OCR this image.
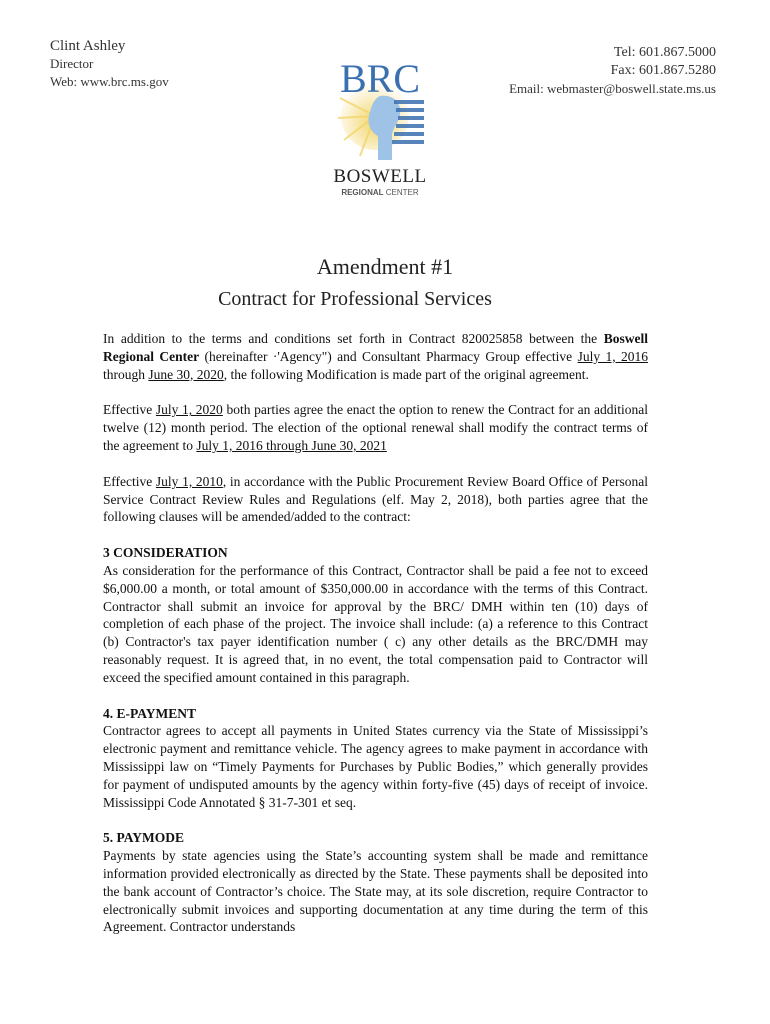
Clint Ashley
Director
Web: www.brc.ms.gov
Tel: 601.867.5000
Fax: 601.867.5280
Email: webmaster@boswell.state.ms.us
BRC
BOSWELL
REGIONAL CENTER
Amendment #1
Contract for Professional Services

In addition to the terms and conditions set forth in Contract 820025858 between the Boswell Regional Center (hereinafter ·'Agency") and Consultant Pharmacy Group effective July 1, 2016 through June 30, 2020, the following Modification is made part of the original agreement.

Effective July 1, 2020 both parties agree the enact the option to renew the Contract for an additional twelve (12) month period. The election of the optional renewal shall modify the contract terms of the agreement to July 1, 2016 through June 30, 2021

Effective July 1, 2010, in accordance with the Public Procurement Review Board Office of Personal Service Contract Review Rules and Regulations (elf. May 2, 2018), both parties agree that the following clauses will be amended/added to the contract:

3 CONSIDERATION

As consideration for the performance of this Contract, Contractor shall be paid a fee not to exceed $6,000.00 a month, or total amount of $350,000.00 in accordance with the terms of this Contract. Contractor shall submit an invoice for approval by the BRC/ DMH within ten (10) days of completion of each phase of the project. The invoice shall include: (a) a reference to this Contract (b) Contractor's tax payer identification number ( c) any other details as the BRC/DMH may reasonably request. It is agreed that, in no event, the total compensation paid to Contractor will exceed the specified amount contained in this paragraph.

4. E-PAYMENT

Contractor agrees to accept all payments in United States currency via the State of Mississippi’s electronic payment and remittance vehicle. The agency agrees to make payment in accordance with Mississippi law on “Timely Payments for Purchases by Public Bodies,” which generally provides for payment of undisputed amounts by the agency within forty-five (45) days of receipt of invoice. Mississippi Code Annotated § 31-7-301 et seq.

5. PAYMODE

Payments by state agencies using the State’s accounting system shall be made and remittance information provided electronically as directed by the State. These payments shall be deposited into the bank account of Contractor’s choice. The State may, at its sole discretion, require Contractor to electronically submit invoices and supporting documentation at any time during the term of this Agreement. Contractor understands
